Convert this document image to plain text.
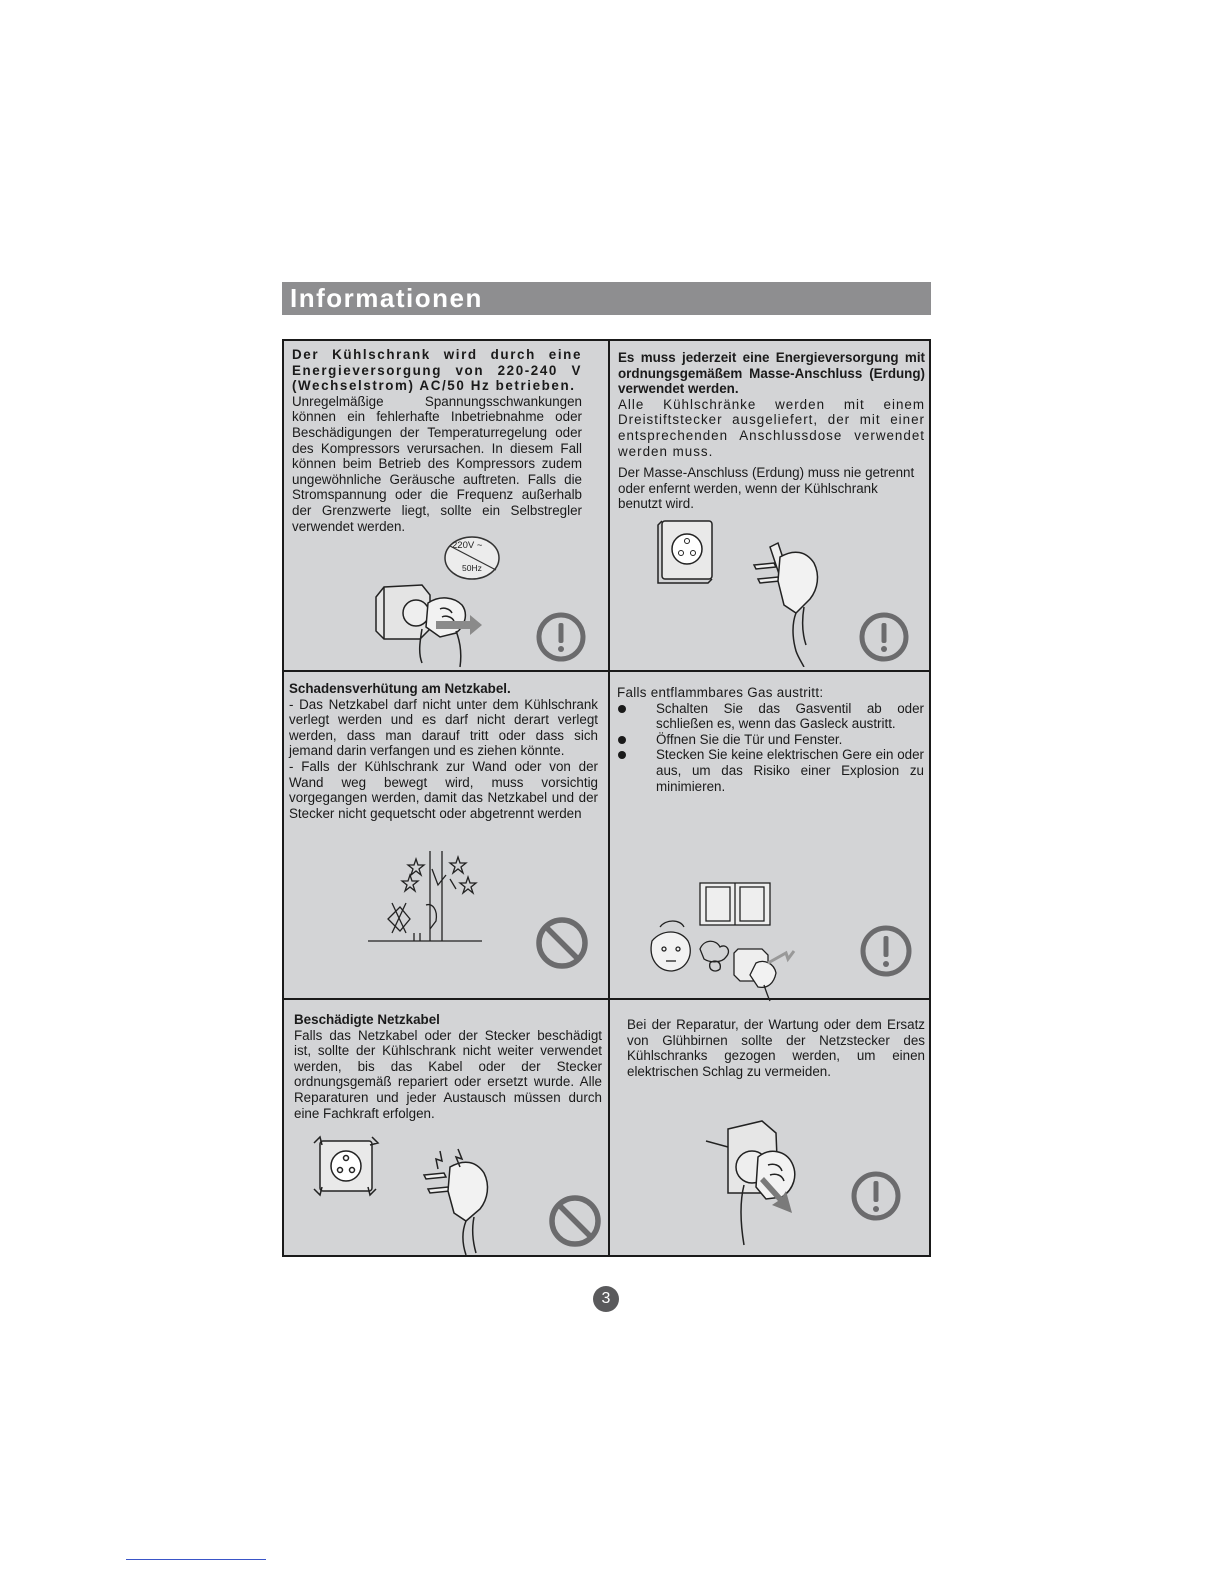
Informationen

Der Kühlschrank wird durch eine Energieversorgung von 220-240 V (Wechselstrom) AC/50 Hz betrieben.

Unregelmäßige Spannungsschwankungen können ein fehlerhafte Inbetriebnahme oder Beschädigungen der Temperaturregelung oder des Kompressors verursachen. In diesem Fall können beim Betrieb des Kompressors zudem ungewöhnliche Geräusche auftreten. Falls die Stromspannung oder die Frequenz außerhalb der Grenzwerte liegt, sollte ein Selbstregler verwendet werden.

220V ~
50Hz

Es muss jederzeit eine Energieversorgung mit ordnungsgemäßem Masse-Anschluss (Erdung) verwendet werden.

Alle Kühlschränke werden mit einem Dreistiftstecker ausgeliefert, der mit einer entsprechenden Anschlussdose verwendet werden muss.

Der Masse-Anschluss (Erdung) muss nie getrennt oder enfernt werden, wenn der Kühlschrank benutzt wird.

Schadensverhütung am Netzkabel.

- Das Netzkabel darf nicht unter dem Kühlschrank verlegt werden und es darf nicht derart verlegt werden, dass man darauf tritt oder dass sich jemand darin verfangen und es ziehen könnte.

- Falls der Kühlschrank zur Wand oder von der Wand weg bewegt wird, muss vorsichtig vorgegangen werden, damit das Netzkabel und der Stecker nicht gequetscht oder abgetrennt werden

Falls entflammbares Gas austritt:

Schalten Sie das Gasventil ab oder schließen es, wenn das Gasleck austritt.
Öffnen Sie die Tür und Fenster.
Stecken Sie keine elektrischen Gere ein oder aus, um das Risiko einer Explosion zu minimieren.

Beschädigte Netzkabel

Falls das Netzkabel oder der Stecker beschädigt ist, sollte der Kühlschrank nicht weiter verwendet werden, bis das Kabel oder der Stecker ordnungsgemäß repariert oder ersetzt wurde. Alle Reparaturen und jeder Austausch müssen durch eine Fachkraft erfolgen.

Bei der Reparatur, der Wartung oder dem Ersatz von Glühbirnen sollte der Netzstecker des Kühlschranks gezogen werden, um einen elektrischen Schlag zu vermeiden.

3
